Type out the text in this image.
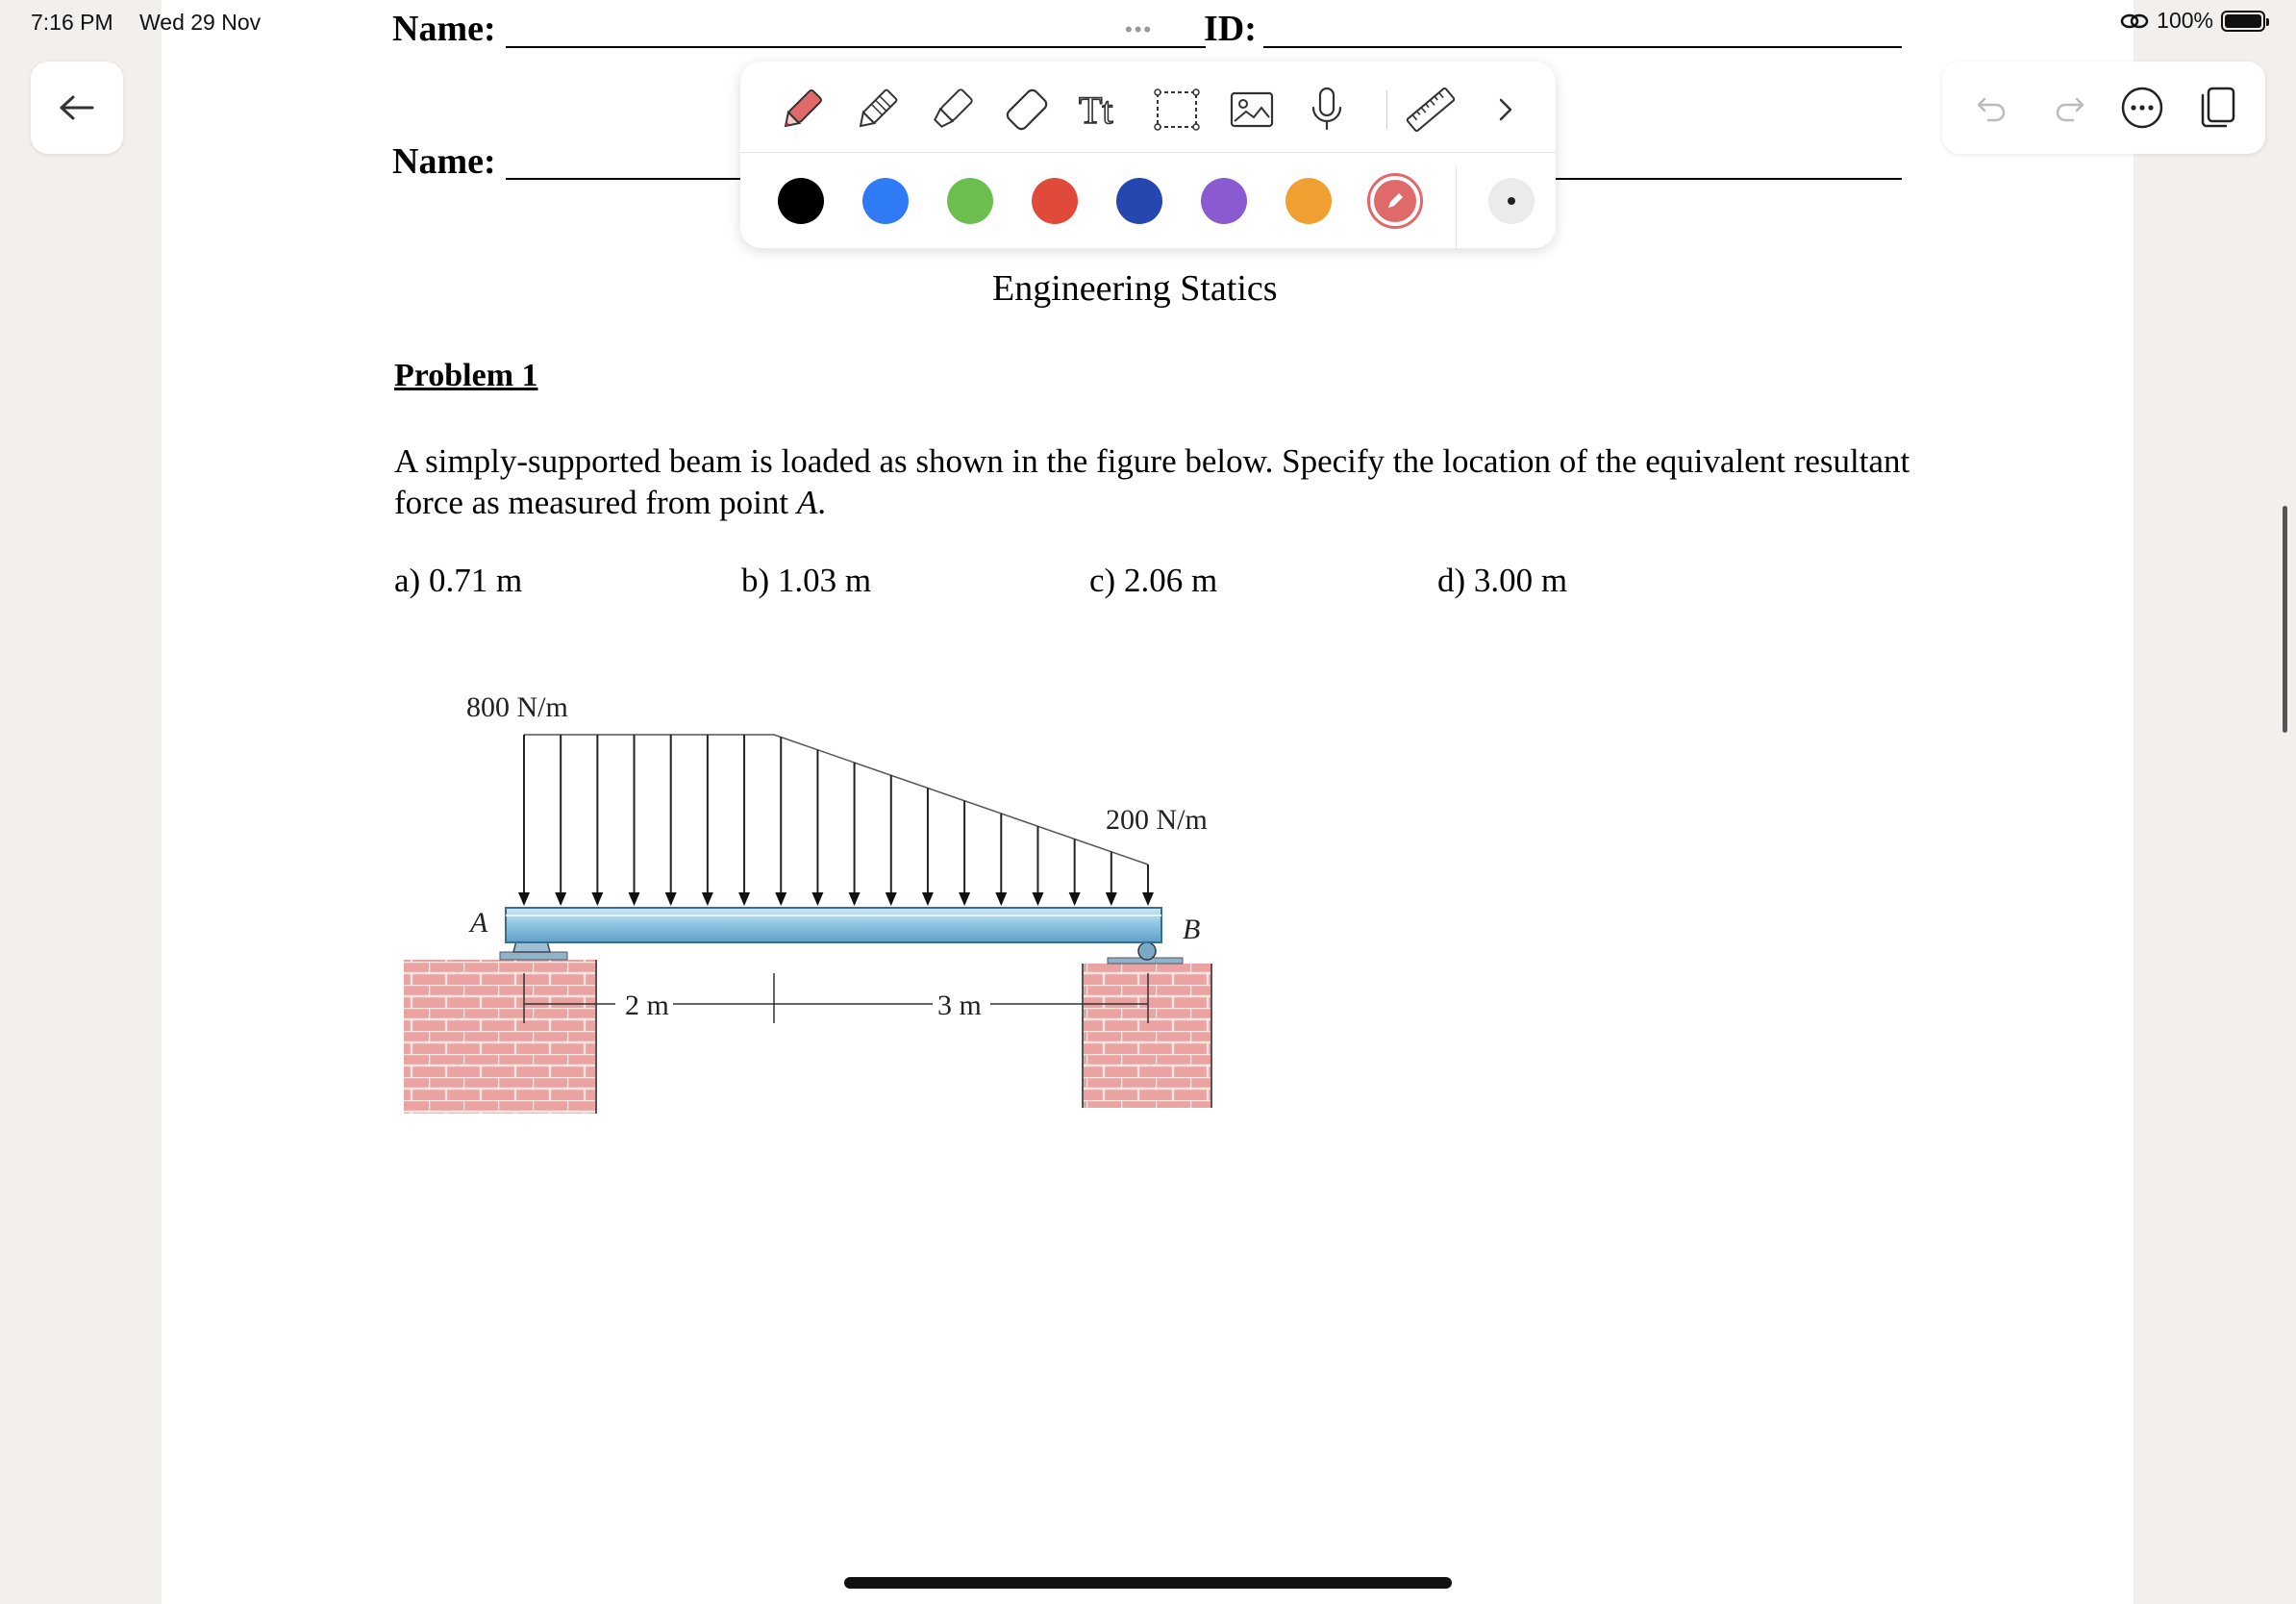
7:16 PM Wed 29 Nov	100%
Name:	••• ID:
Name:
Engineering Statics
Problem 1
A simply-supported beam is loaded as shown in the figure below. Specify the location of the equivalent resultant force as measured from point A.
a) 0.71 m	b) 1.03 m	c) 2.06 m	d) 3.00 m
800 N/m
200 N/m
A	B
2 m	3 m
Tt
